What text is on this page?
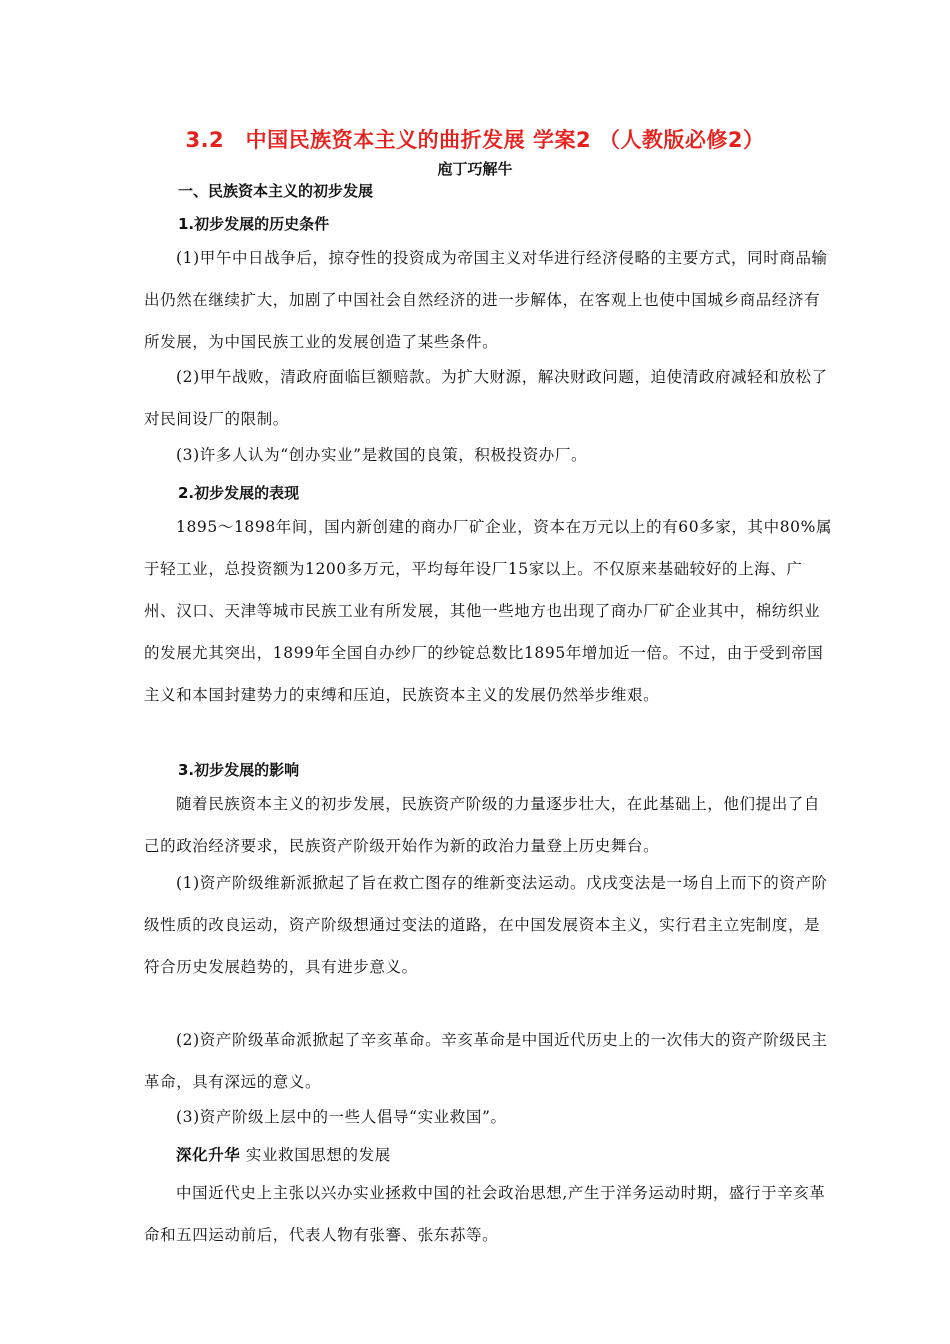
3.2　中国民族资本主义的曲折发展 学案2 （人教版必修2）
庖丁巧解牛
一、民族资本主义的初步发展
1.初步发展的历史条件
(1)甲午中日战争后，掠夺性的投资成为帝国主义对华进行经济侵略的主要方式，同时商品输出仍然在继续扩大，加剧了中国社会自然经济的进一步解体，在客观上也使中国城乡商品经济有所发展，为中国民族工业的发展创造了某些条件。
(2)甲午战败，清政府面临巨额赔款。为扩大财源，解决财政问题，迫使清政府减轻和放松了对民间设厂的限制。
(3)许多人认为“创办实业”是救国的良策，积极投资办厂。
2.初步发展的表现
1895～1898年间，国内新创建的商办厂矿企业，资本在万元以上的有60多家，其中80%属于轻工业，总投资额为1200多万元，平均每年设厂15家以上。不仅原来基础较好的上海、广州、汉口、天津等城市民族工业有所发展，其他一些地方也出现了商办厂矿企业其中，棉纺织业的发展尤其突出，1899年全国自办纱厂的纱锭总数比1895年增加近一倍。不过，由于受到帝国主义和本国封建势力的束缚和压迫，民族资本主义的发展仍然举步维艰。
3.初步发展的影响
随着民族资本主义的初步发展，民族资产阶级的力量逐步壮大，在此基础上，他们提出了自己的政治经济要求，民族资产阶级开始作为新的政治力量登上历史舞台。
(1)资产阶级维新派掀起了旨在救亡图存的维新变法运动。戊戌变法是一场自上而下的资产阶级性质的改良运动，资产阶级想通过变法的道路，在中国发展资本主义，实行君主立宪制度，是符合历史发展趋势的，具有进步意义。
(2)资产阶级革命派掀起了辛亥革命。辛亥革命是中国近代历史上的一次伟大的资产阶级民主革命，具有深远的意义。
(3)资产阶级上层中的一些人倡导“实业救国”。
深化升华 实业救国思想的发展
中国近代史上主张以兴办实业拯救中国的社会政治思想,产生于洋务运动时期，盛行于辛亥革命和五四运动前后，代表人物有张謇、张东荪等。
